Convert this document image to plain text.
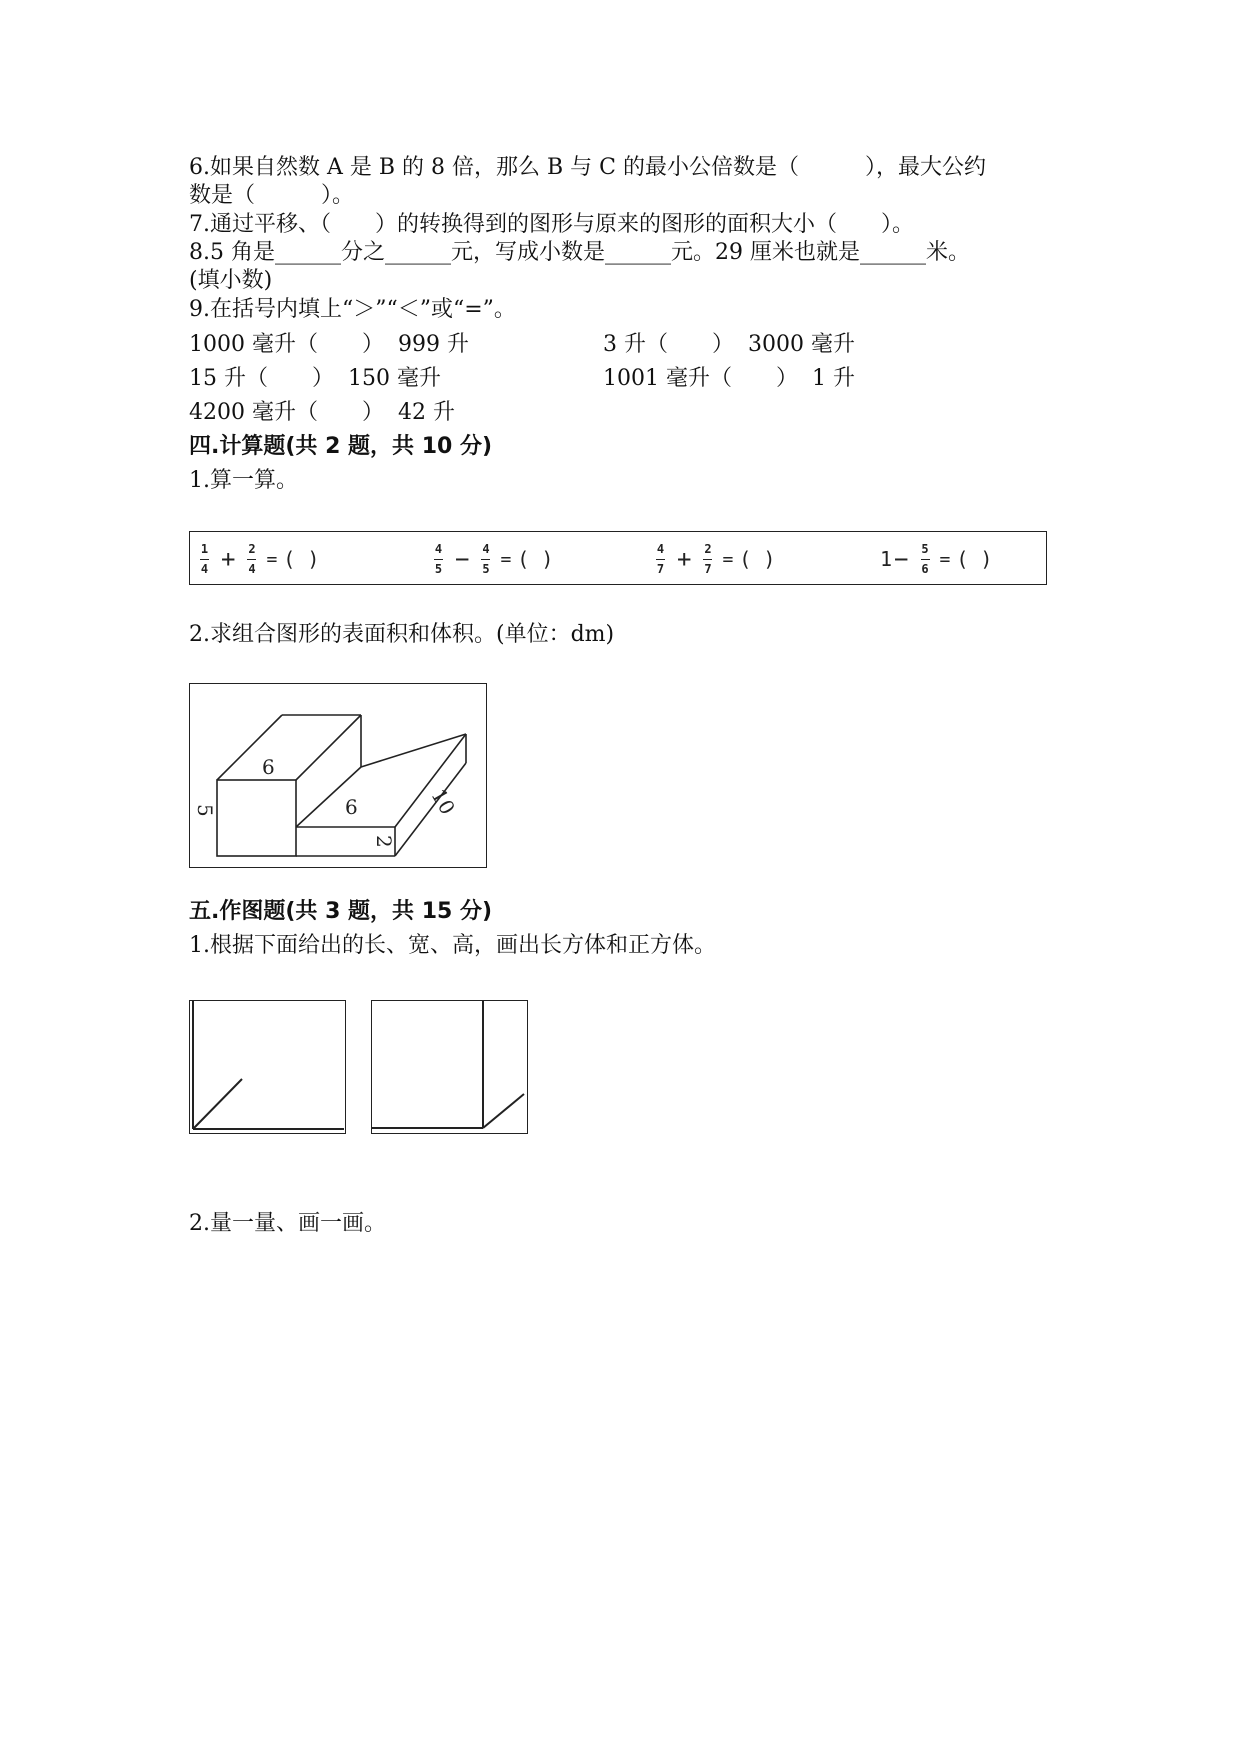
6.如果自然数 A 是 B 的 8 倍，那么 B 与 C 的最小公倍数是（　　　），最大公约
数是（　　　）。
7.通过平移、（　　）的转换得到的图形与原来的图形的面积大小（　　）。
8.5 角是______分之______元，写成小数是______元。29 厘米也就是______米。
(填小数)
9.在括号内填上“＞”“＜”或“=”。
1000 毫升（　　）  999 升	3 升（　　）  3000 毫升
15 升（　　）  150 毫升	1001 毫升（　　）  1 升
4200 毫升（　　）  42 升
四.计算题(共 2 题，共 10 分)
1.算一算。
$\frac{1}{4} + \frac{2}{4}$ = ( )	$\frac{4}{5} - \frac{4}{5}$ = ( )	$\frac{4}{7} + \frac{2}{7}$ = ( )	$1 - \frac{5}{6}$ = ( )
2.求组合图形的表面积和体积。(单位：dm)
6
5	6
2
10
五.作图题(共 3 题，共 15 分)
1.根据下面给出的长、宽、高，画出长方体和正方体。
2.量一量、画一画。
